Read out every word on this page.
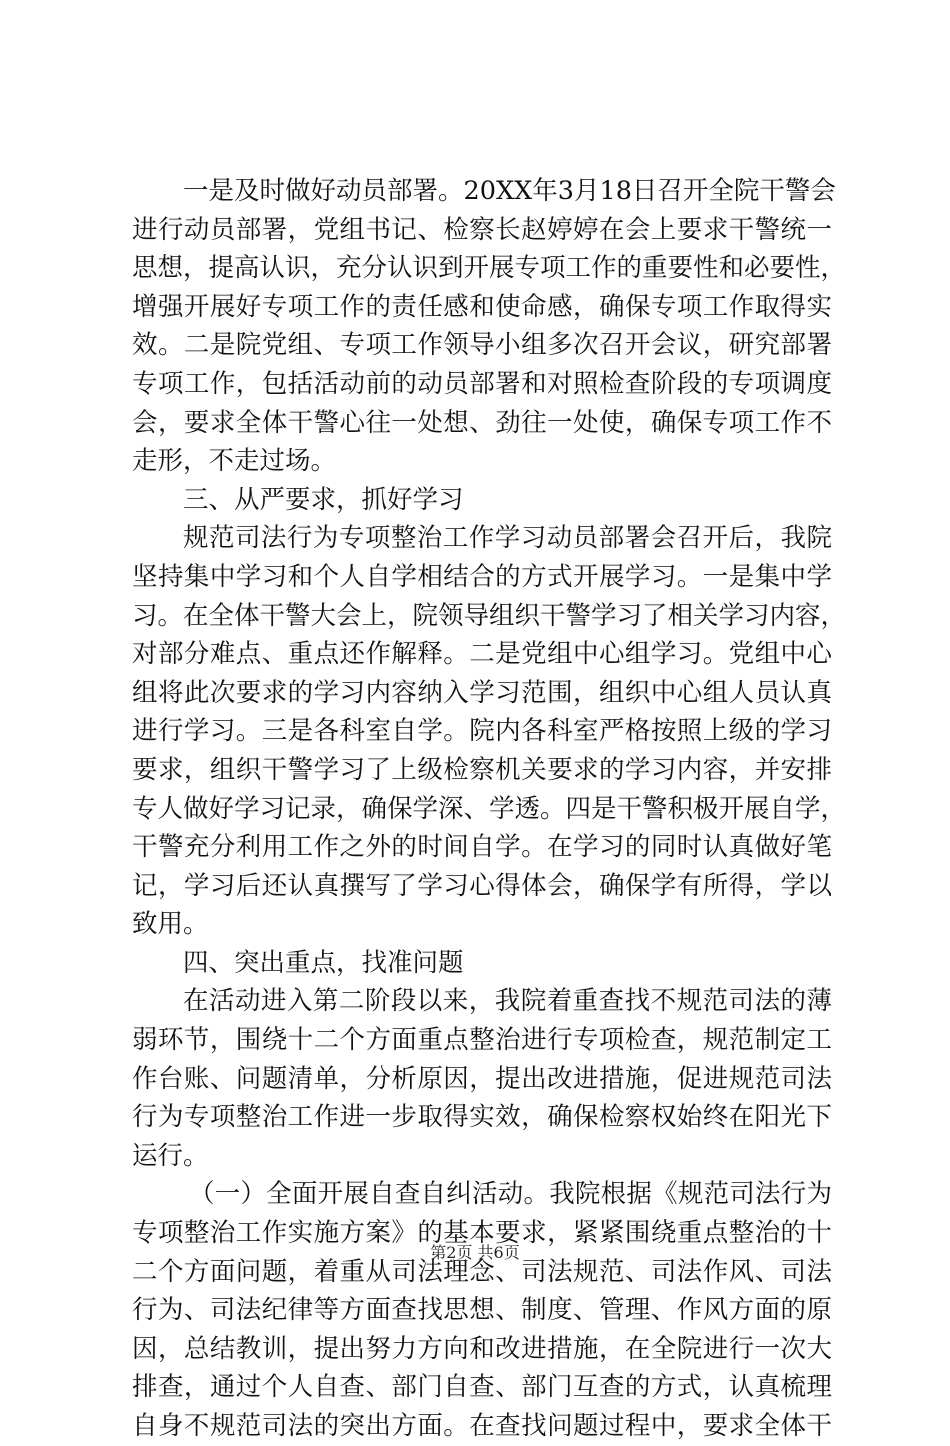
一是及时做好动员部署。20XX年3月18日召开全院干警会
进行动员部署，党组书记、检察长赵婷婷在会上要求干警统一
思想，提高认识，充分认识到开展专项工作的重要性和必要性，
增强开展好专项工作的责任感和使命感，确保专项工作取得实
效。二是院党组、专项工作领导小组多次召开会议，研究部署
专项工作，包括活动前的动员部署和对照检查阶段的专项调度
会，要求全体干警心往一处想、劲往一处使，确保专项工作不
走形，不走过场。
三、从严要求，抓好学习
规范司法行为专项整治工作学习动员部署会召开后，我院
坚持集中学习和个人自学相结合的方式开展学习。一是集中学
习。在全体干警大会上，院领导组织干警学习了相关学习内容，
对部分难点、重点还作解释。二是党组中心组学习。党组中心
组将此次要求的学习内容纳入学习范围，组织中心组人员认真
进行学习。三是各科室自学。院内各科室严格按照上级的学习
要求，组织干警学习了上级检察机关要求的学习内容，并安排
专人做好学习记录，确保学深、学透。四是干警积极开展自学，
干警充分利用工作之外的时间自学。在学习的同时认真做好笔
记，学习后还认真撰写了学习心得体会，确保学有所得，学以
致用。
四、突出重点，找准问题
在活动进入第二阶段以来，我院着重查找不规范司法的薄
弱环节，围绕十二个方面重点整治进行专项检查，规范制定工
作台账、问题清单，分析原因，提出改进措施，促进规范司法
行为专项整治工作进一步取得实效，确保检察权始终在阳光下
运行。
（一）全面开展自查自纠活动。我院根据《规范司法行为
专项整治工作实施方案》的基本要求，紧紧围绕重点整治的十
二个方面问题，着重从司法理念、司法规范、司法作风、司法
行为、司法纪律等方面查找思想、制度、管理、作风方面的原
因，总结教训，提出努力方向和改进措施，在全院进行一次大
排查，通过个人自查、部门自查、部门互查的方式，认真梳理
自身不规范司法的突出方面。在查找问题过程中，要求全体干
第2页 共6页
